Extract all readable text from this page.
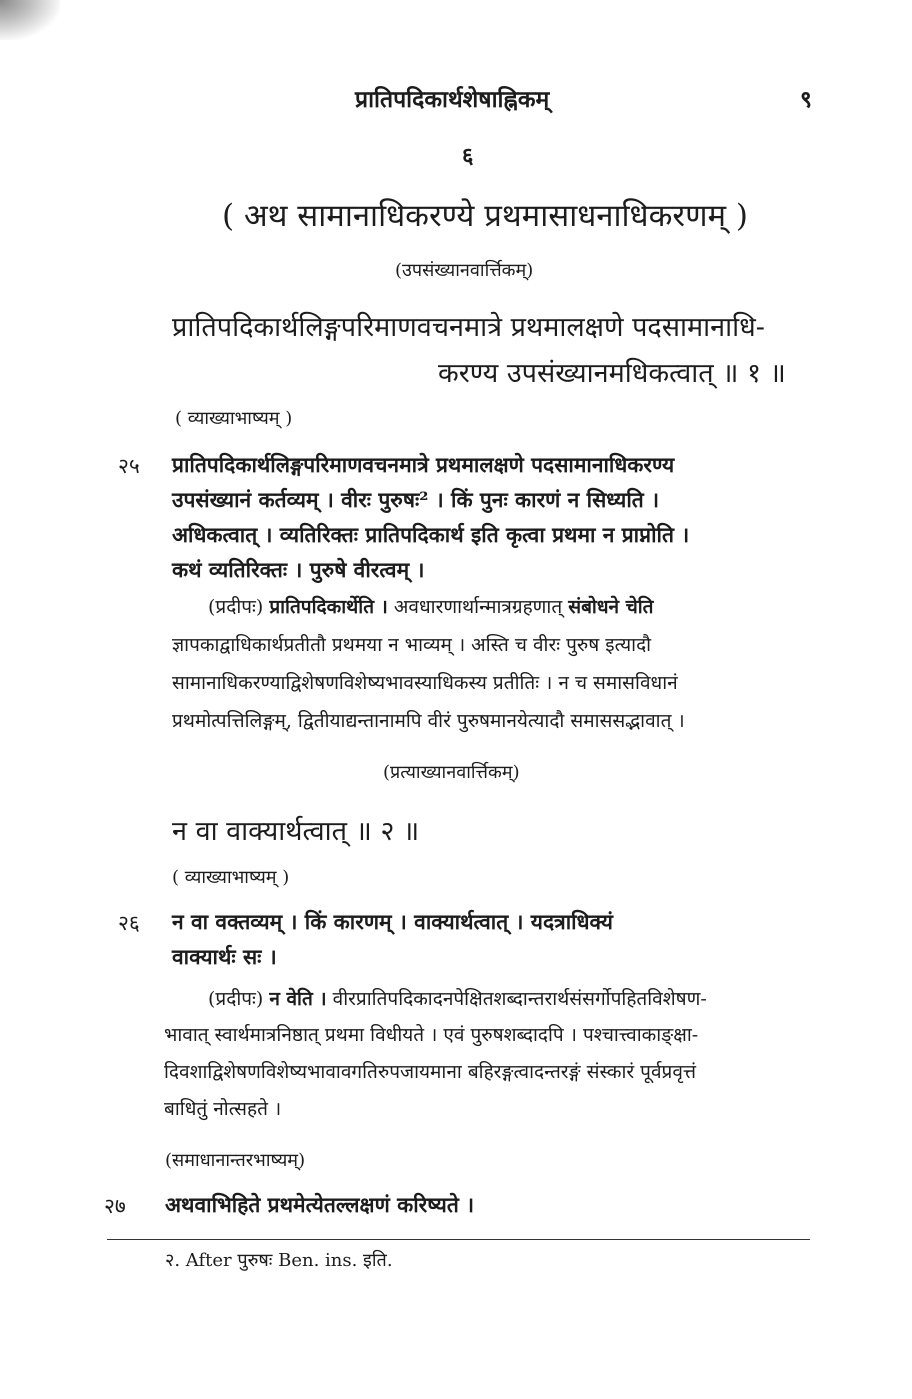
प्रातिपदिकार्थशेषाह्निकम्	९
६
( अथ सामानाधिकरण्ये प्रथमासाधनाधिकरणम् )
(उपसंख्यानवार्त्तिकम्)
प्रातिपदिकार्थलिङ्गपरिमाणवचनमात्रे प्रथमालक्षणे पदसामानाधि-
करण्य उपसंख्यानमधिकत्वात् ॥ १ ॥
( व्याख्याभाष्यम् )
२५ प्रातिपदिकार्थलिङ्गपरिमाणवचनमात्रे प्रथमालक्षणे पदसामानाधिकरण्य
उपसंख्यानं कर्तव्यम् । वीरः पुरुषः² । किं पुनः कारणं न सिध्यति ।
अधिकत्वात् । व्यतिरिक्तः प्रातिपदिकार्थ इति कृत्वा प्रथमा न प्राप्नोति ।
कथं व्यतिरिक्तः । पुरुषे वीरत्वम् ।
(प्रदीपः) प्रातिपदिकार्थेति । अवधारणार्थान्मात्रग्रहणात् संबोधने चेति
ज्ञापकाद्वाधिकार्थप्रतीतौ प्रथमया न भाव्यम् । अस्ति च वीरः पुरुष इत्यादौ
सामानाधिकरण्याद्विशेषणविशेष्यभावस्याधिकस्य प्रतीतिः । न च समासविधानं
प्रथमोत्पत्तिलिङ्गम्, द्वितीयाद्यन्तानामपि वीरं पुरुषमानयेत्यादौ समाससद्भावात् ।
(प्रत्याख्यानवार्त्तिकम्)
न वा वाक्यार्थत्वात् ॥ २ ॥
( व्याख्याभाष्यम् )
२६ न वा वक्तव्यम् । किं कारणम् । वाक्यार्थत्वात् । यदत्राधिक्यं
वाक्यार्थः सः ।
(प्रदीपः) न वेति । वीरप्रातिपदिकादनपेक्षितशब्दान्तरार्थसंसर्गोपहितविशेषण-
भावात् स्वार्थमात्रनिष्ठात् प्रथमा विधीयते । एवं पुरुषशब्दादपि । पश्चात्त्वाकाङ्क्षा-
दिवशाद्विशेषणविशेष्यभावावगतिरुपजायमाना बहिरङ्गत्वादन्तरङ्गं संस्कारं पूर्वप्रवृत्तं
बाधितुं नोत्सहते ।
(समाधानान्तरभाष्यम्)
२७ अथवाभिहिते प्रथमेत्येतल्लक्षणं करिष्यते ।
२. After पुरुषः Ben. ins. इति.
